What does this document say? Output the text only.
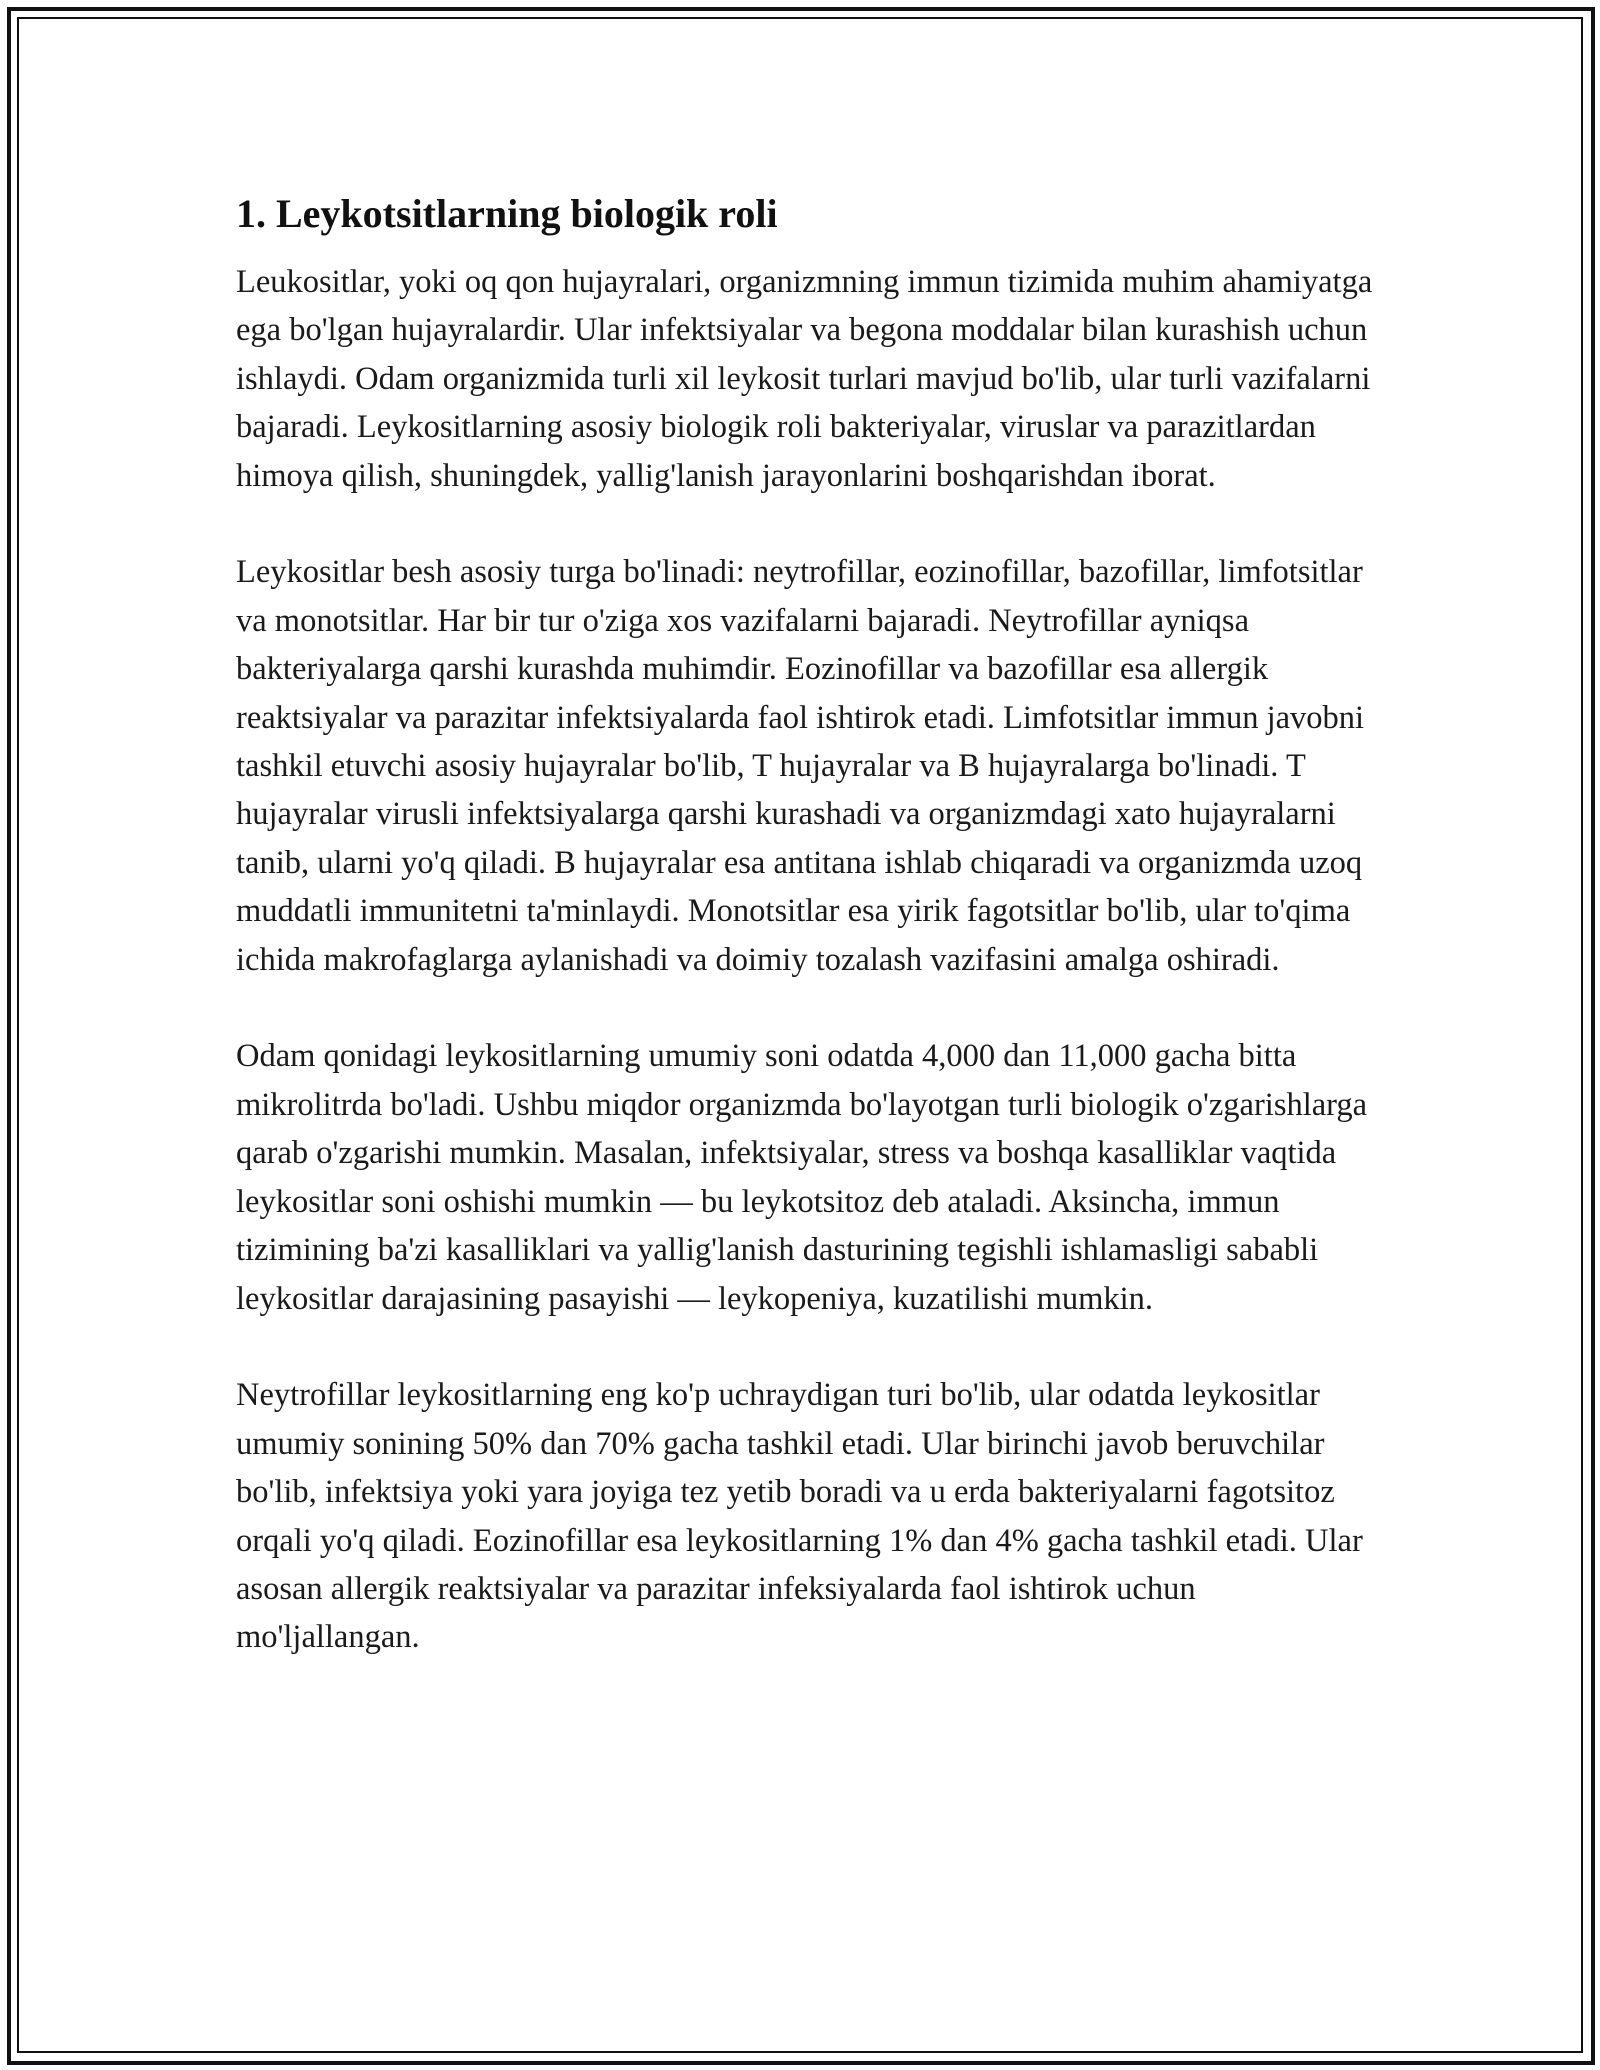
1. Leykotsitlarning biologik roli

Leukositlar, yoki oq qon hujayralari, organizmning immun tizimida muhim ahamiyatga ega bo'lgan hujayralardir. Ular infektsiyalar va begona moddalar bilan kurashish uchun ishlaydi. Odam organizmida turli xil leykosit turlari mavjud bo'lib, ular turli vazifalarni bajaradi. Leykositlarning asosiy biologik roli bakteriyalar, viruslar va parazitlardan himoya qilish, shuningdek, yallig'lanish jarayonlarini boshqarishdan iborat.

Leykositlar besh asosiy turga bo'linadi: neytrofillar, eozinofillar, bazofillar, limfotsitlar va monotsitlar. Har bir tur o'ziga xos vazifalarni bajaradi. Neytrofillar ayniqsa bakteriyalarga qarshi kurashda muhimdir. Eozinofillar va bazofillar esa allergik reaktsiyalar va parazitar infektsiyalarda faol ishtirok etadi. Limfotsitlar immun javobni tashkil etuvchi asosiy hujayralar bo'lib, T hujayralar va B hujayralarga bo'linadi. T hujayralar virusli infektsiyalarga qarshi kurashadi va organizmdagi xato hujayralarni tanib, ularni yo'q qiladi. B hujayralar esa antitana ishlab chiqaradi va organizmda uzoq muddatli immunitetni ta'minlaydi. Monotsitlar esa yirik fagotsitlar bo'lib, ular to'qima ichida makrofaglarga aylanishadi va doimiy tozalash vazifasini amalga oshiradi.

Odam qonidagi leykositlarning umumiy soni odatda 4,000 dan 11,000 gacha bitta mikrolitrda bo'ladi. Ushbu miqdor organizmda bo'layotgan turli biologik o'zgarishlarga qarab o'zgarishi mumkin. Masalan, infektsiyalar, stress va boshqa kasalliklar vaqtida leykositlar soni oshishi mumkin — bu leykotsitoz deb ataladi. Aksincha, immun tizimining ba'zi kasalliklari va yallig'lanish dasturining tegishli ishlamasligi sababli leykositlar darajasining pasayishi — leykopeniya, kuzatilishi mumkin.

Neytrofillar leykositlarning eng ko'p uchraydigan turi bo'lib, ular odatda leykositlar umumiy sonining 50% dan 70% gacha tashkil etadi. Ular birinchi javob beruvchilar bo'lib, infektsiya yoki yara joyiga tez yetib boradi va u erda bakteriyalarni fagotsitoz orqali yo'q qiladi. Eozinofillar esa leykositlarning 1% dan 4% gacha tashkil etadi. Ular asosan allergik reaktsiyalar va parazitar infeksiyalarda faol ishtirok uchun mo'ljallangan.
